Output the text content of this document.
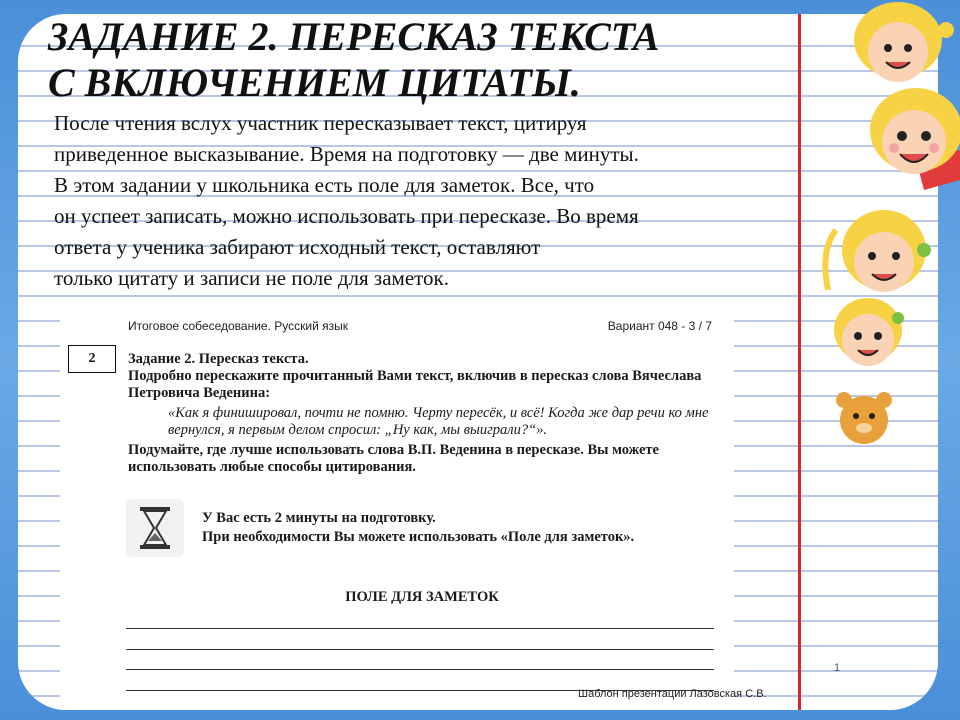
ЗАДАНИЕ 2. ПЕРЕСКАЗ ТЕКСТА
С ВКЛЮЧЕНИЕМ ЦИТАТЫ.
После чтения вслух участник пересказывает текст, цитируя
приведенное высказывание. Время на подготовку — две минуты.
В этом задании у школьника есть поле для заметок. Все, что
он успеет записать, можно использовать при пересказе. Во время
ответа у ученика забирают исходный текст, оставляют
только цитату и записи не поле для заметок.
Итоговое собеседование. Русский язык	Вариант 048 - 3 / 7
2	Задание 2. Пересказ текста.
Подробно перескажите прочитанный Вами текст, включив в пересказ слова Вячеслава Петровича Веденина:
«Как я финишировал, почти не помню. Черту пересёк, и всё! Когда же дар речи ко мне вернулся, я первым делом спросил: „Ну как, мы выиграли?“».
Подумайте, где лучше использовать слова В.П. Веденина в пересказе. Вы можете использовать любые способы цитирования.
У Вас есть 2 минуты на подготовку.
При необходимости Вы можете использовать «Поле для заметок».
ПОЛЕ ДЛЯ ЗАМЕТОК
1
Шаблон презентации Лазовская С.В.
